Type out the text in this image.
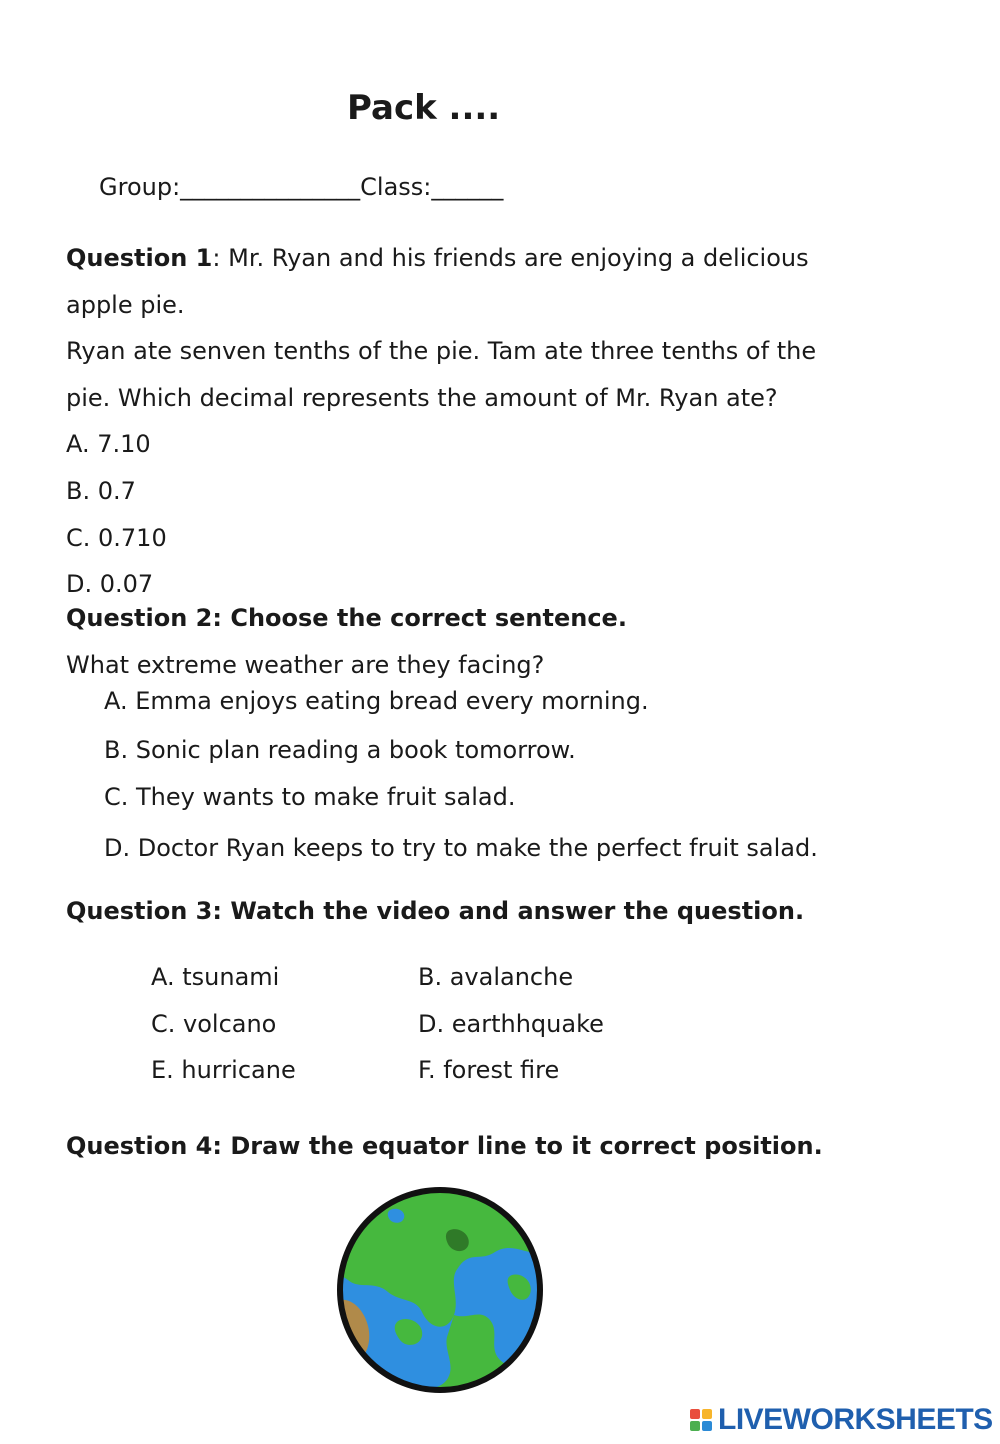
Pack ....
Group:_______________Class:______
Question 1: Mr. Ryan and his friends are enjoying a delicious
apple pie.
Ryan ate senven tenths of the pie. Tam ate three tenths of the
pie. Which decimal represents the amount of Mr. Ryan ate?
A. 7.10
B. 0.7
C. 0.710
D. 0.07
Question 2: Choose the correct sentence.
What extreme weather are they facing?
A. Emma enjoys eating bread every morning.
B. Sonic plan reading a book tomorrow.
C. They wants to make fruit salad.
D. Doctor Ryan keeps to try to make the perfect fruit salad.
Question 3: Watch the video and answer the question.
A. tsunami	B. avalanche
C. volcano	D. earthhquake
E. hurricane	F. forest fire
Question 4: Draw the equator line to it correct position.
LIVEWORKSHEETS
